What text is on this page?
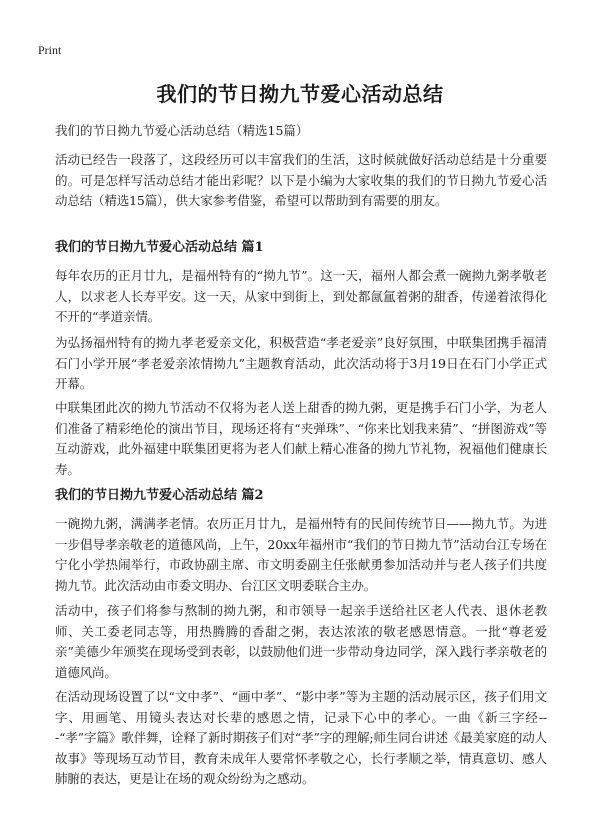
Print
我们的节日拗九节爱心活动总结
我们的节日拗九节爱心活动总结（精选15篇）

活动已经告一段落了，这段经历可以丰富我们的生活，这时候就做好活动总结是十分重要的。可是怎样写活动总结才能出彩呢？以下是小编为大家收集的我们的节日拗九节爱心活动总结（精选15篇），供大家参考借鉴，希望可以帮助到有需要的朋友。

我们的节日拗九节爱心活动总结 篇1

每年农历的正月廿九，是福州特有的“拗九节”。这一天，福州人都会煮一碗拗九粥孝敬老人，以求老人长寿平安。这一天，从家中到街上，到处都氤氲着粥的甜香，传递着浓得化不开的“孝道亲情。

为弘扬福州特有的拗九孝老爱亲文化，积极营造“孝老爱亲”良好氛围，中联集团携手福清石门小学开展“孝老爱亲浓情拗九”主题教育活动，此次活动将于3月19日在石门小学正式开幕。

中联集团此次的拗九节活动不仅将为老人送上甜香的拗九粥，更是携手石门小学，为老人们准备了精彩绝伦的演出节目，现场还将有“夹弹珠”、“你来比划我来猜”、“拼图游戏”等互动游戏，此外福建中联集团更将为老人们献上精心准备的拗九节礼物，祝福他们健康长寿。

我们的节日拗九节爱心活动总结 篇2

一碗拗九粥，满满孝老情。农历正月廿九，是福州特有的民间传统节日——拗九节。为进一步倡导孝亲敬老的道德风尚，上午，20xx年福州市“我们的节日拗九节”活动台江专场在宁化小学热闹举行，市政协副主席、市文明委副主任张献勇参加活动并与老人孩子们共度拗九节。此次活动由市委文明办、台江区文明委联合主办。

活动中，孩子们将参与熬制的拗九粥，和市领导一起亲手送给社区老人代表、退休老教师、关工委老同志等，用热腾腾的香甜之粥，表达浓浓的敬老感恩情意。一批“尊老爱亲”美德少年颁奖在现场受到表彰，以鼓励他们进一步带动身边同学，深入践行孝亲敬老的道德风尚。

在活动现场设置了以“文中孝”、“画中孝”、“影中孝”等为主题的活动展示区，孩子们用文字、用画笔、用镜头表达对长辈的感恩之情，记录下心中的孝心。一曲《新三字经---“孝”字篇》歌伴舞，诠释了新时期孩子们对“孝”字的理解;师生同台讲述《最美家庭的动人故事》等现场互动节目，教育未成年人要常怀孝敬之心，长行孝顺之举，情真意切、感人肺腑的表达，更是让在场的观众纷纷为之感动。
